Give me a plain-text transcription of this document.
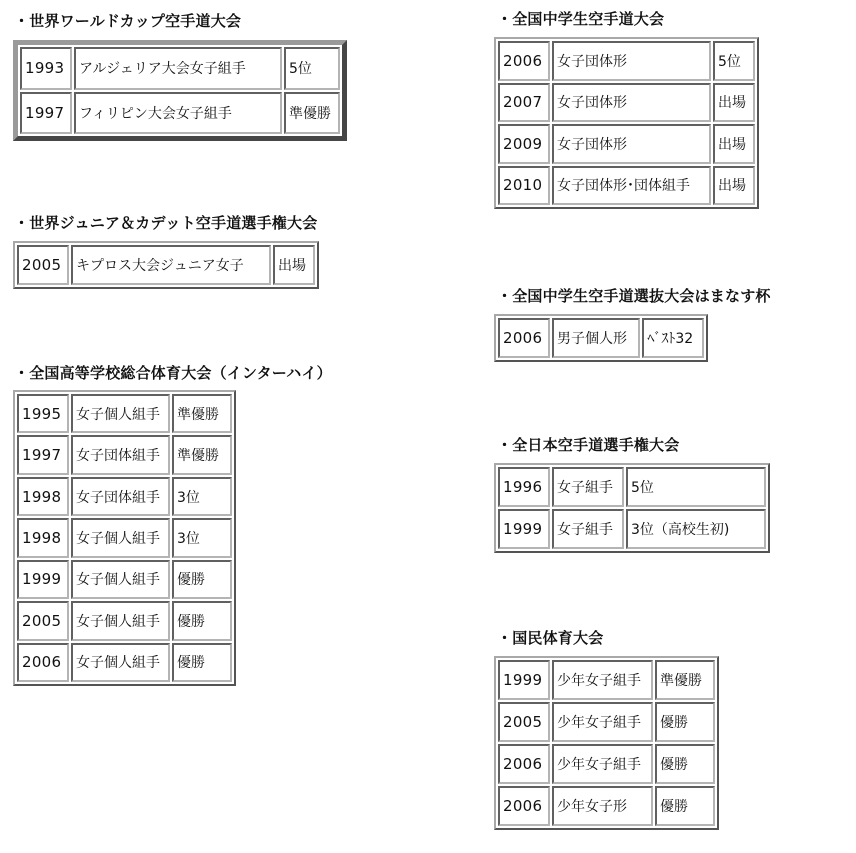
・世界ワールドカップ空手道大会
1993	アルジェリア大会女子組手	5位
1997	フィリピン大会女子組手	準優勝
・世界ジュニア＆カデット空手道選手権大会
2005	キプロス大会ジュニア女子	出場
・全国高等学校総合体育大会（インターハイ）
1995	女子個人組手	準優勝
1997	女子団体組手	準優勝
1998	女子団体組手	3位
1998	女子個人組手	3位
1999	女子個人組手	優勝
2005	女子個人組手	優勝
2006	女子個人組手	優勝
・全国中学生空手道大会
2006	女子団体形	5位
2007	女子団体形	出場
2009	女子団体形	出場
2010	女子団体形･団体組手	出場
・全国中学生空手道選抜大会はまなす杯
2006	男子個人形	ﾍﾞｽﾄ32
・全日本空手道選手権大会
1996	女子組手	5位
1999	女子組手	3位（高校生初)
・国民体育大会
1999	少年女子組手	準優勝
2005	少年女子組手	優勝
2006	少年女子組手	優勝
2006	少年女子形	優勝
